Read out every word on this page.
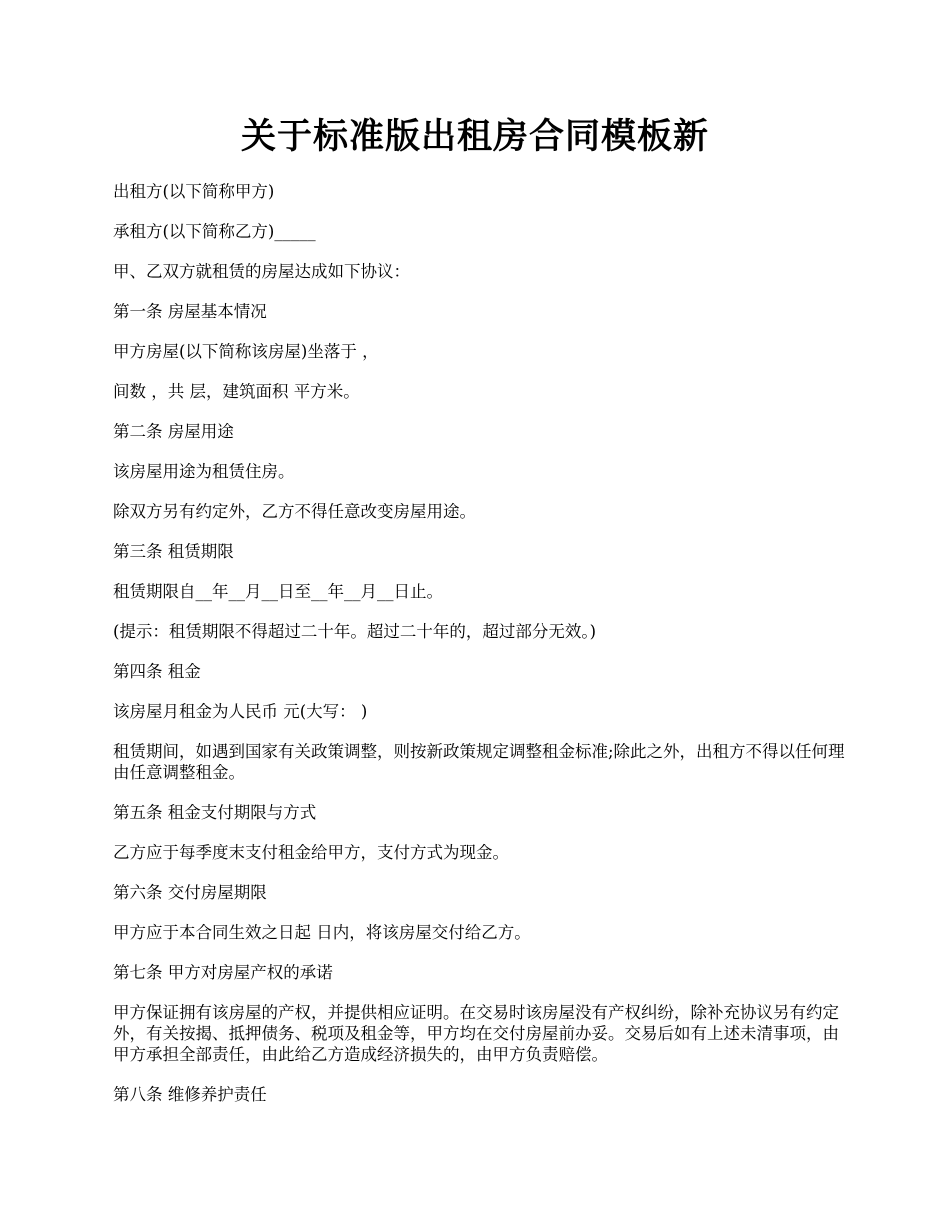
关于标准版出租房合同模板新

出租方(以下简称甲方)

承租方(以下简称乙方)_____

甲、乙双方就租赁的房屋达成如下协议：

第一条 房屋基本情况

甲方房屋(以下简称该房屋)坐落于 ，

间数 ，共 层，建筑面积 平方米。

第二条 房屋用途

该房屋用途为租赁住房。

除双方另有约定外，乙方不得任意改变房屋用途。

第三条 租赁期限

租赁期限自__年__月__日至__年__月__日止。

(提示：租赁期限不得超过二十年。超过二十年的，超过部分无效。)

第四条 租金

该房屋月租金为人民币 元(大写： )

租赁期间，如遇到国家有关政策调整，则按新政策规定调整租金标准;除此之外，出租方不得以任何理由任意调整租金。

第五条 租金支付期限与方式

乙方应于每季度末支付租金给甲方，支付方式为现金。

第六条 交付房屋期限

甲方应于本合同生效之日起 日内，将该房屋交付给乙方。

第七条 甲方对房屋产权的承诺

甲方保证拥有该房屋的产权，并提供相应证明。在交易时该房屋没有产权纠纷，除补充协议另有约定外，有关按揭、抵押债务、税项及租金等，甲方均在交付房屋前办妥。交易后如有上述未清事项，由甲方承担全部责任，由此给乙方造成经济损失的，由甲方负责赔偿。

第八条 维修养护责任
